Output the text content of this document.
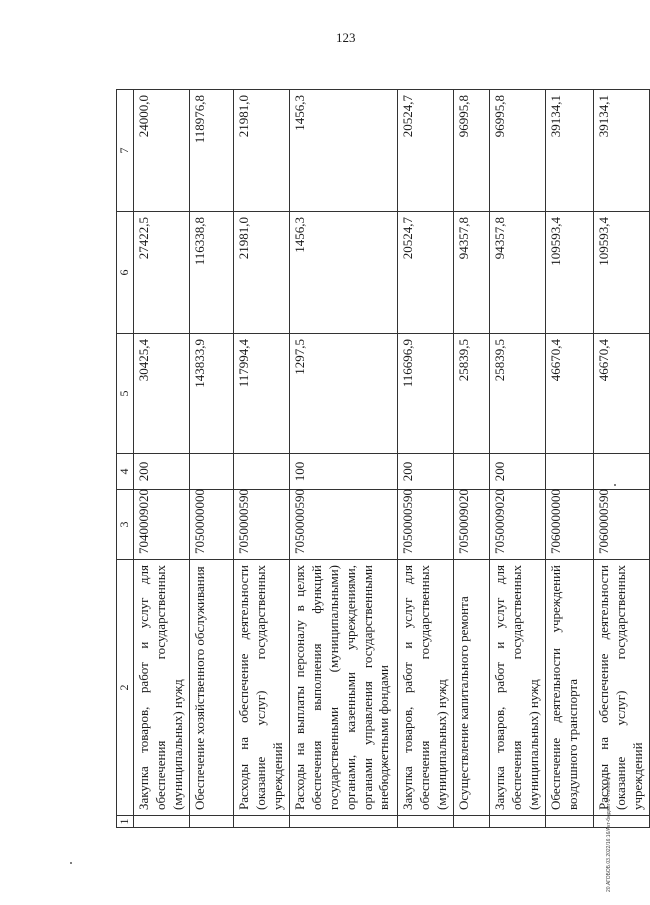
123
1	2	3	4	5	6	7
	Закупка товаров, работ и услуг для обеспечения государственных (муниципальных) нужд	7040009020	200	30425,4	27422,5	24000,0
	Обеспечение хозяйственного обслуживания	7050000000		143833,9	116338,8	118976,8
	Расходы на обеспечение деятельности (оказание услуг) государственных учреждений	7050000590		117994,4	21981,0	21981,0
	Расходы на выплаты персоналу в целях обеспечения выполнения функций государственными (муниципальными) органами, казенными учреждениями, органами управления государственными внебюджетными фондами	7050000590	100	1297,5	1456,3	1456,3
	Закупка товаров, работ и услуг для обеспечения государственных (муниципальных) нужд	7050000590	200	116696,9	20524,7	20524,7
	Осуществление капитального ремонта	7050009020		25839,5	94357,8	96995,8
	Закупка товаров, работ и услуг для обеспечения государственных (муниципальных) нужд	7050009020	200	25839,5	94357,8	96995,8
	Обеспечение деятельности учреждений воздушного транспорта	7060000000		46670,4	109593,4	39134,1
	Расходы на обеспечение деятельности (оказание услуг) государственных учреждений	7060000590		46670,4	109593,4	39134,1
20.АГОБОБ.03.2022/16:16/Акт-бюджет-2 чтение-2 ч
